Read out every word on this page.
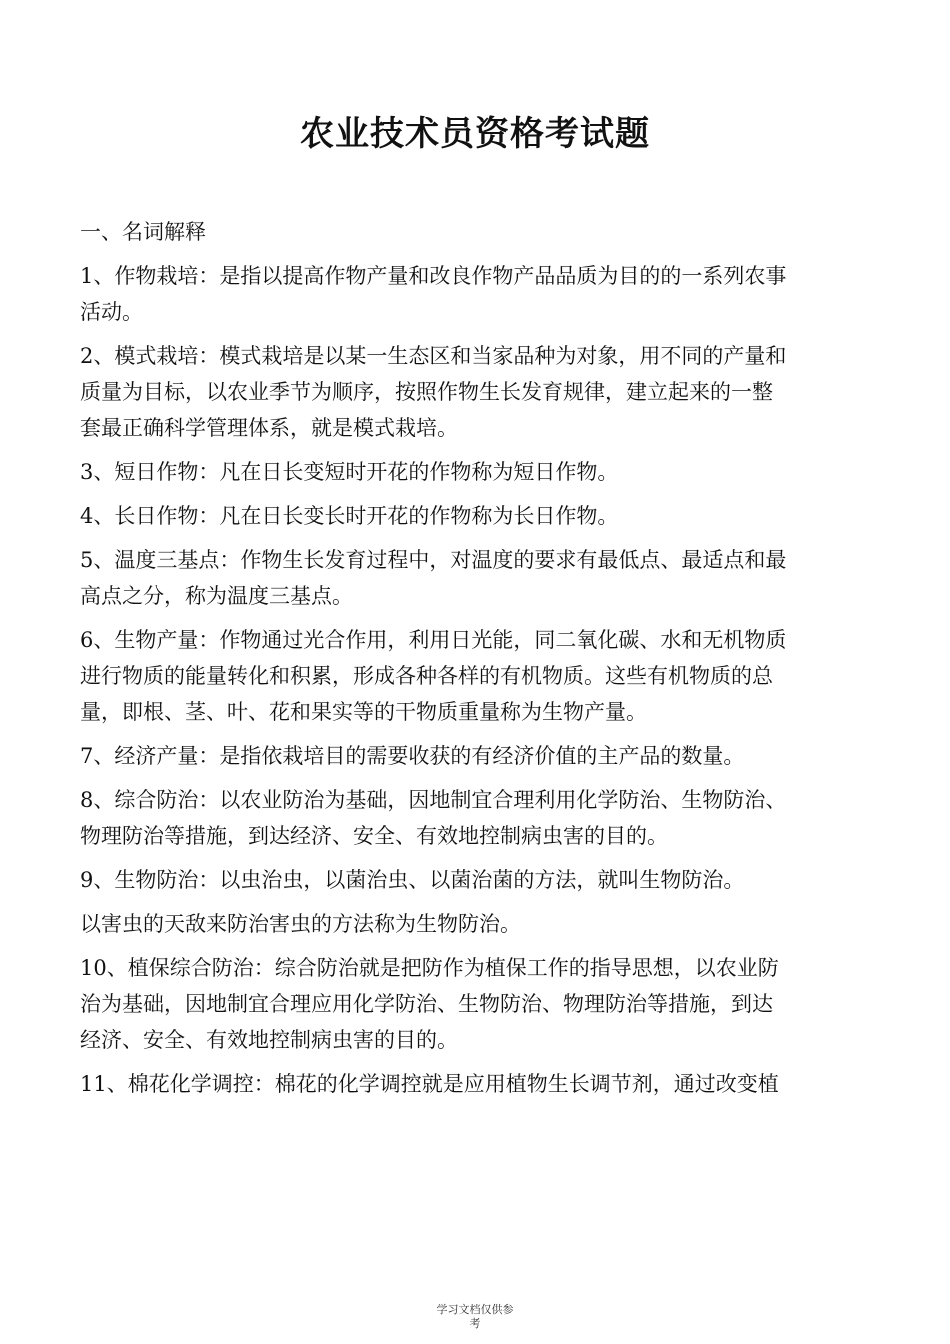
农业技术员资格考试题

一、名词解释

1、作物栽培：是指以提高作物产量和改良作物产品品质为目的的一系列农事
活动。

2、模式栽培：模式栽培是以某一生态区和当家品种为对象，用不同的产量和
质量为目标，以农业季节为顺序，按照作物生长发育规律，建立起来的一整
套最正确科学管理体系，就是模式栽培。

3、短日作物：凡在日长变短时开花的作物称为短日作物。

4、长日作物：凡在日长变长时开花的作物称为长日作物。

5、温度三基点：作物生长发育过程中，对温度的要求有最低点、最适点和最
高点之分，称为温度三基点。

6、生物产量：作物通过光合作用，利用日光能，同二氧化碳、水和无机物质
进行物质的能量转化和积累，形成各种各样的有机物质。这些有机物质的总
量，即根、茎、叶、花和果实等的干物质重量称为生物产量。

7、经济产量：是指依栽培目的需要收获的有经济价值的主产品的数量。

8、综合防治：以农业防治为基础，因地制宜合理利用化学防治、生物防治、
物理防治等措施，到达经济、安全、有效地控制病虫害的目的。

9、生物防治：以虫治虫，以菌治虫、以菌治菌的方法，就叫生物防治。

以害虫的天敌来防治害虫的方法称为生物防治。

10、植保综合防治：综合防治就是把防作为植保工作的指导思想，以农业防
治为基础，因地制宜合理应用化学防治、生物防治、物理防治等措施，到达
经济、安全、有效地控制病虫害的目的。

11、棉花化学调控：棉花的化学调控就是应用植物生长调节剂，通过改变植

学习文档仅供参
考
